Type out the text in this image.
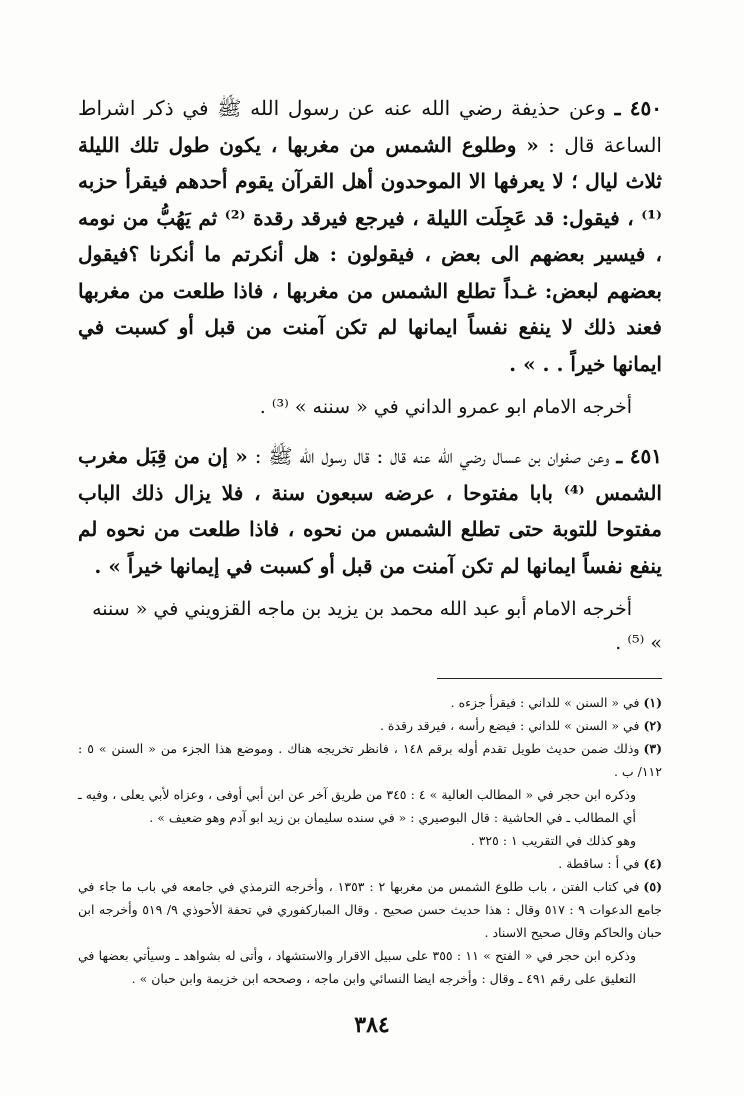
٤٥٠ ـ وعن حذيفة رضي الله عنه عن رسول الله ﷺ في ذكر اشراط الساعة قال : « وطلوع الشمس من مغربها ، يكون طول تلك الليلة ثلاث ليال ؛ لا يعرفها الا الموحدون أهل القرآن يقوم أحدهم فيقرأ حزبه ⁽¹⁾ ، فيقول: قد عَجِلَت الليلة ، فيرجع فيرقد رقدة ⁽²⁾ ثم يَهُبُّ من نومه ، فيسير بعضهم الى بعض ، فيقولون : هل أنكرتم ما أنكرنا ؟فيقول بعضهم لبعض: غـداً تطلع الشمس من مغربها ، فاذا طلعت من مغربها فعند ذلك لا ينفع نفساً ايمانها لم تكن آمنت من قبل أو كسبت في ايمانها خيراً . . » .

أخرجه الامام ابو عمرو الداني في « سننه » ⁽³⁾ .

٤٥١ ـ وعن صفوان بن عسال رضي الله عنه قال : قال رسول الله ﷺ : « إن من قِبَل مغرب الشمس ⁽⁴⁾ بابا مفتوحا ، عرضه سبعون سنة ، فلا يزال ذلك الباب مفتوحا للتوبة حتى تطلع الشمس من نحوه ، فاذا طلعت من نحوه لم ينفع نفساً ايمانها لم تكن آمنت من قبل أو كسبت في إيمانها خيراً » .

أخرجه الامام أبو عبد الله محمد بن يزيد بن ماجه القزويني في « سننه » ⁽⁵⁾ .

(١)في « السنن » للداني : فيقرأ جزءه .

(٢)في « السنن » للداني : فيضع رأسه ، فيرقد رقدة .

(٣)وذلك ضمن حديث طويل تقدم أوله برقم ١٤٨ ، فانظر تخريجه هناك . وموضع هذا الجزء من « السنن » ٥ : ١١٢/ ب .

وذكره ابن حجر في « المطالب العالية » ٤ : ٣٤٥ من طريق آخر عن ابن أبي أوفى ، وعزاه لأبي يعلى ، وفيه ـ أي المطالب ـ في الحاشية : قال البوصيري : « في سنده سليمان بن زيد ابو آدم وهو ضعيف » .

وهو كذلك في التقريب ١ : ٣٢٥ .

(٤)في أ : ساقطة .

(٥)في كتاب الفتن ، باب طلوع الشمس من مغربها ٢ : ١٣٥٣ ، وأخرجه الترمذي في جامعه في باب ما جاء في جامع الدعوات ٩ : ٥١٧ وقال : هذا حديث حسن صحيح . وقال المباركفوري في تحفة الأحوذي ٩/ ٥١٩ وأخرجه ابن حبان والحاكم وقال صحيح الاسناد .

وذكره ابن حجر في « الفتح » ١١ : ٣٥٥ على سبيل الاقرار والاستشهاد ، وأتى له بشواهد ـ وسيأتي بعضها في التعليق على رقم ٤٩١ ـ وقال : وأخرجه ايضا النسائي وابن ماجه ، وصححه ابن خزيمة وابن حبان » .

٣٨٤
